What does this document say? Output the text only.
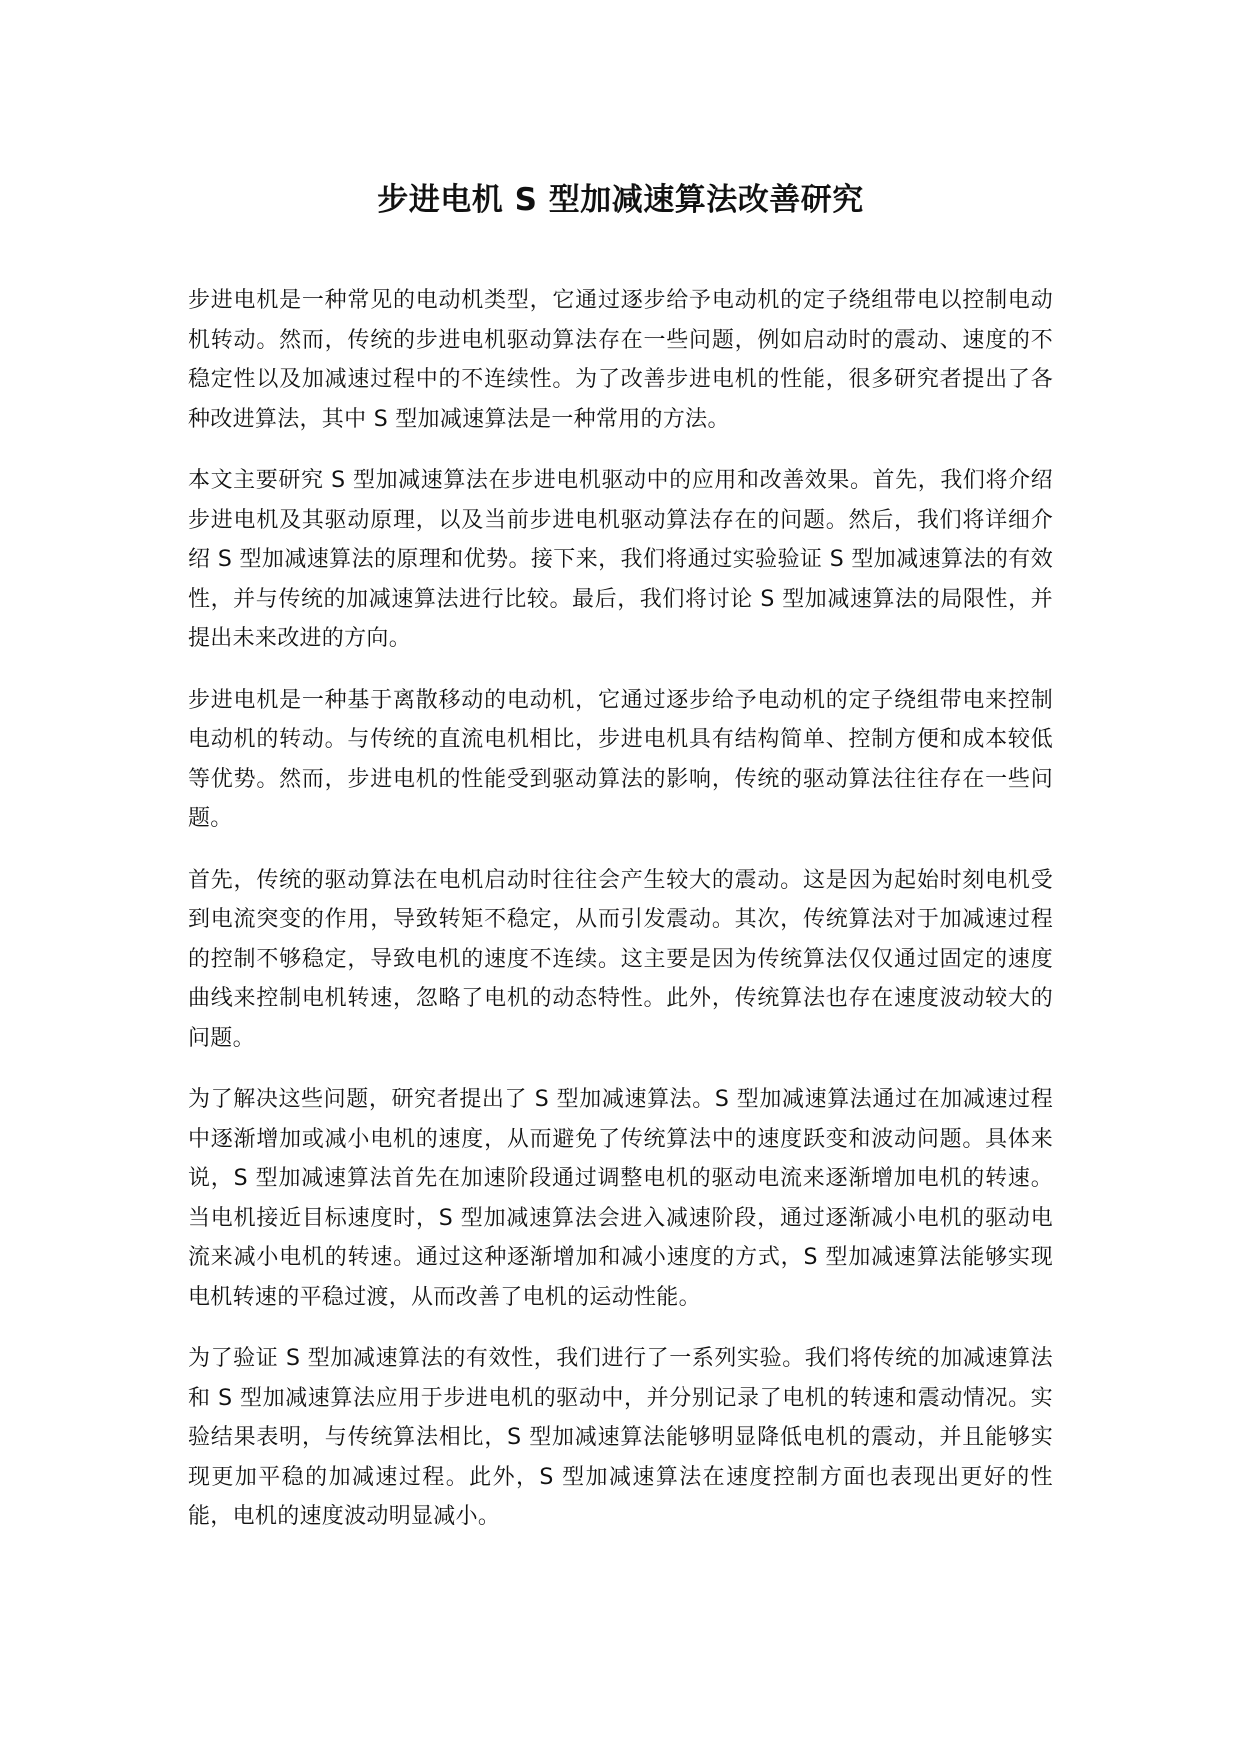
步进电机 S 型加减速算法改善研究

步进电机是一种常见的电动机类型，它通过逐步给予电动机的定子绕组带电以控制电动机转动。然而，传统的步进电机驱动算法存在一些问题，例如启动时的震动、速度的不稳定性以及加减速过程中的不连续性。为了改善步进电机的性能，很多研究者提出了各种改进算法，其中 S 型加减速算法是一种常用的方法。

本文主要研究 S 型加减速算法在步进电机驱动中的应用和改善效果。首先，我们将介绍步进电机及其驱动原理，以及当前步进电机驱动算法存在的问题。然后，我们将详细介绍 S 型加减速算法的原理和优势。接下来，我们将通过实验验证 S 型加减速算法的有效性，并与传统的加减速算法进行比较。最后，我们将讨论 S 型加减速算法的局限性，并提出未来改进的方向。

步进电机是一种基于离散移动的电动机，它通过逐步给予电动机的定子绕组带电来控制电动机的转动。与传统的直流电机相比，步进电机具有结构简单、控制方便和成本较低等优势。然而，步进电机的性能受到驱动算法的影响，传统的驱动算法往往存在一些问题。

首先，传统的驱动算法在电机启动时往往会产生较大的震动。这是因为起始时刻电机受到电流突变的作用，导致转矩不稳定，从而引发震动。其次，传统算法对于加减速过程的控制不够稳定，导致电机的速度不连续。这主要是因为传统算法仅仅通过固定的速度曲线来控制电机转速，忽略了电机的动态特性。此外，传统算法也存在速度波动较大的问题。

为了解决这些问题，研究者提出了 S 型加减速算法。S 型加减速算法通过在加减速过程中逐渐增加或减小电机的速度，从而避免了传统算法中的速度跃变和波动问题。具体来说，S 型加减速算法首先在加速阶段通过调整电机的驱动电流来逐渐增加电机的转速。当电机接近目标速度时，S 型加减速算法会进入减速阶段，通过逐渐减小电机的驱动电流来减小电机的转速。通过这种逐渐增加和减小速度的方式，S 型加减速算法能够实现电机转速的平稳过渡，从而改善了电机的运动性能。

为了验证 S 型加减速算法的有效性，我们进行了一系列实验。我们将传统的加减速算法和 S 型加减速算法应用于步进电机的驱动中，并分别记录了电机的转速和震动情况。实验结果表明，与传统算法相比，S 型加减速算法能够明显降低电机的震动，并且能够实现更加平稳的加减速过程。此外，S 型加减速算法在速度控制方面也表现出更好的性能，电机的速度波动明显减小。
